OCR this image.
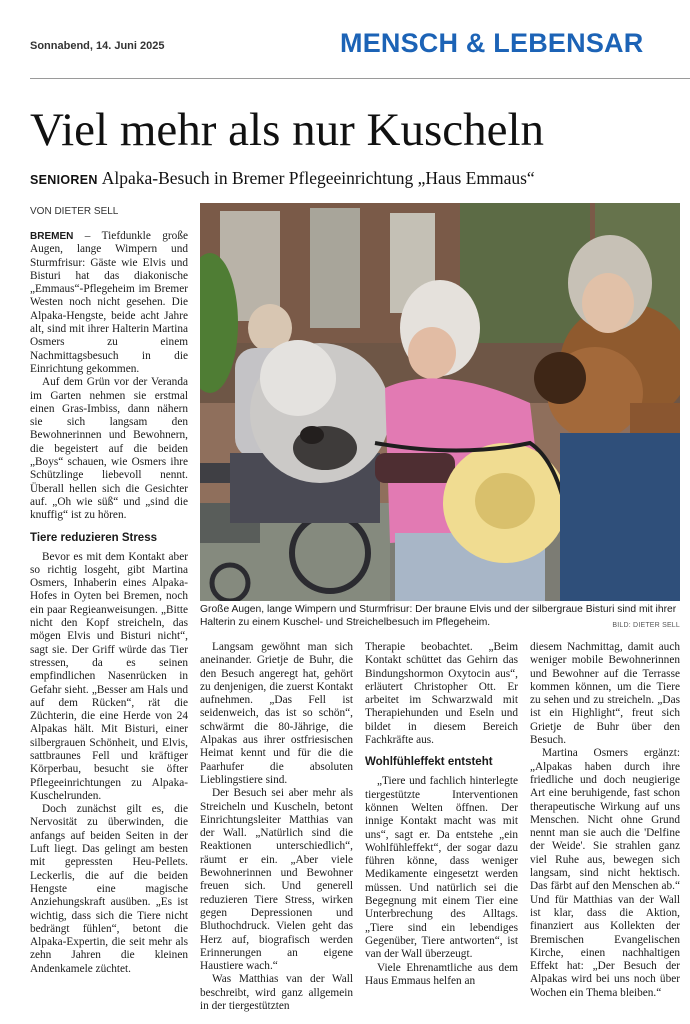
Sonnabend, 14. Juni 2025	MENSCH & LEBENSAR
Viel mehr als nur Kuscheln
SENIOREN Alpaka-Besuch in Bremer Pflegeeinrichtung „Haus Emmaus“
VON DIETER SELL

BREMEN – Tiefdunkle große Augen, lange Wimpern und Sturmfrisur: Gäste wie Elvis und Bisturi hat das diakonische „Emmaus“-Pflegeheim im Bremer Westen noch nicht gesehen. Die Alpaka-Hengste, beide acht Jahre alt, sind mit ihrer Halterin Martina Osmers zu einem Nachmittagsbesuch in die Einrichtung gekommen.

Auf dem Grün vor der Veranda im Garten nehmen sie erstmal einen Gras-Imbiss, dann nähern sie sich langsam den Bewohnerinnen und Bewohnern, die begeistert auf die beiden „Boys“ schauen, wie Osmers ihre Schützlinge liebevoll nennt. Überall hellen sich die Gesichter auf. „Oh wie süß“ und „sind die knuffig“ ist zu hören.

Tiere reduzieren Stress

Bevor es mit dem Kontakt aber so richtig losgeht, gibt Martina Osmers, Inhaberin eines Alpaka-Hofes in Oyten bei Bremen, noch ein paar Regieanweisungen. „Bitte nicht den Kopf streicheln, das mögen Elvis und Bisturi nicht“, sagt sie. Der Griff würde das Tier stressen, da es seinen empfindlichen Nasenrücken in Gefahr sieht. „Besser am Hals und auf dem Rücken“, rät die Züchterin, die eine Herde von 24 Alpakas hält. Mit Bisturi, einer silbergrauen Schönheit, und Elvis, sattbraunes Fell und kräftiger Körperbau, besucht sie öfter Pflegeeinrichtungen zu Alpaka-Kuschelrunden.

Doch zunächst gilt es, die Nervosität zu überwinden, die anfangs auf beiden Seiten in der Luft liegt. Das gelingt am besten mit gepressten Heu-Pellets. Leckerlis, die auf die beiden Hengste eine magische Anziehungskraft ausüben. „Es ist wichtig, dass sich die Tiere nicht bedrängt fühlen“, betont die Alpaka-Expertin, die seit mehr als zehn Jahren die kleinen Andenkamele züchtet.

Große Augen, lange Wimpern und Sturmfrisur: Der braune Elvis und der silbergraue Bisturi sind mit ihrer Halterin zu einem Kuschel- und Streichelbesuch im Pflegeheim.	BILD: DIETER SELL

Langsam gewöhnt man sich aneinander. Grietje de Buhr, die den Besuch angeregt hat, gehört zu denjenigen, die zuerst Kontakt aufnehmen. „Das Fell ist seidenweich, das ist so schön“, schwärmt die 80-Jährige, die Alpakas aus ihrer ostfriesischen Heimat kennt und für die die Paarhufer die absoluten Lieblingstiere sind.

Der Besuch sei aber mehr als Streicheln und Kuscheln, betont Einrichtungsleiter Matthias van der Wall. „Natürlich sind die Reaktionen unterschiedlich“, räumt er ein. „Aber viele Bewohnerinnen und Bewohner freuen sich. Und generell reduzieren Tiere Stress, wirken gegen Depressionen und Bluthochdruck. Vielen geht das Herz auf, biografisch werden Erinnerungen an eigene Haustiere wach.“

Was Matthias van der Wall beschreibt, wird ganz allgemein in der tiergestützten

Therapie beobachtet. „Beim Kontakt schüttet das Gehirn das Bindungshormon Oxytocin aus“, erläutert Christopher Ott. Er arbeitet im Schwarzwald mit Therapiehunden und Eseln und bildet in diesem Bereich Fachkräfte aus.

Wohlfühleffekt entsteht

„Tiere und fachlich hinterlegte tiergestützte Interventionen können Welten öffnen. Der innige Kontakt macht was mit uns“, sagt er. Da entstehe „ein Wohlfühleffekt“, der sogar dazu führen könne, dass weniger Medikamente eingesetzt werden müssen. Und natürlich sei die Begegnung mit einem Tier eine Unterbrechung des Alltags. „Tiere sind ein lebendiges Gegenüber, Tiere antworten“, ist van der Wall überzeugt.

Viele Ehrenamtliche aus dem Haus Emmaus helfen an

diesem Nachmittag, damit auch weniger mobile Bewohnerinnen und Bewohner auf die Terrasse kommen können, um die Tiere zu sehen und zu streicheln. „Das ist ein Highlight“, freut sich Grietje de Buhr über den Besuch.

Martina Osmers ergänzt: „Alpakas haben durch ihre friedliche und doch neugierige Art eine beruhigende, fast schon therapeutische Wirkung auf uns Menschen. Nicht ohne Grund nennt man sie auch die 'Delfine der Weide'. Sie strahlen ganz viel Ruhe aus, bewegen sich langsam, sind nicht hektisch. Das färbt auf den Menschen ab.“ Und für Matthias van der Wall ist klar, dass die Aktion, finanziert aus Kollekten der Bremischen Evangelischen Kirche, einen nachhaltigen Effekt hat: „Der Besuch der Alpakas wird bei uns noch über Wochen ein Thema bleiben.“
